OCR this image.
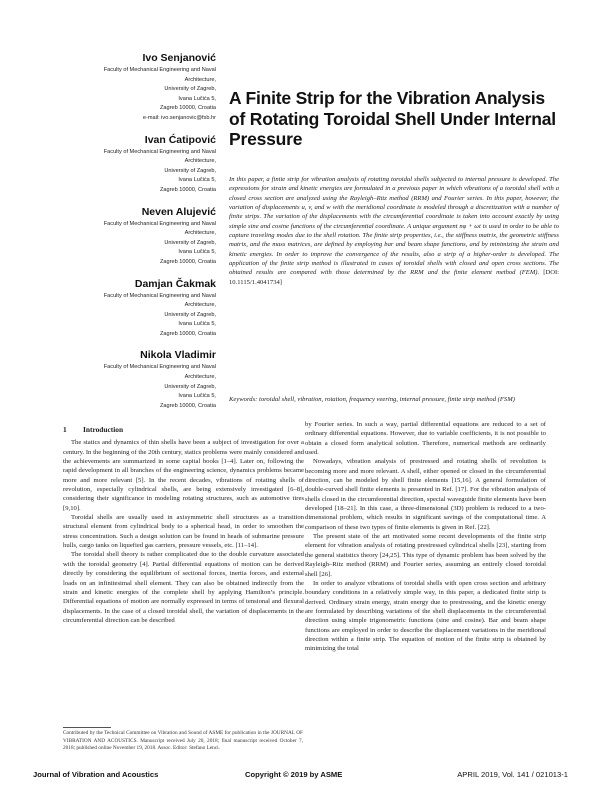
Ivo Senjanović
Faculty of Mechanical Engineering and Naval
Architecture,
University of Zagreb,
Ivana Lučića 5,
Zagreb 10000, Croatia
e-mail: ivo.senjanovic@fsb.hr
Ivan Ćatipović
Faculty of Mechanical Engineering and Naval
Architecture,
University of Zagreb,
Ivana Lučića 5,
Zagreb 10000, Croatia
Neven Alujević
Faculty of Mechanical Engineering and Naval
Architecture,
University of Zagreb,
Ivana Lučića 5,
Zagreb 10000, Croatia
Damjan Čakmak
Faculty of Mechanical Engineering and Naval
Architecture,
University of Zagreb,
Ivana Lučića 5,
Zagreb 10000, Croatia
Nikola Vladimir
Faculty of Mechanical Engineering and Naval
Architecture,
University of Zagreb,
Ivana Lučića 5,
Zagreb 10000, Croatia
A Finite Strip for the Vibration Analysis of Rotating Toroidal Shell Under Internal Pressure

In this paper, a finite strip for vibration analysis of rotating toroidal shells subjected to internal pressure is developed. The expressions for strain and kinetic energies are formulated in a previous paper in which vibrations of a toroidal shell with a closed cross section are analyzed using the Rayleigh–Ritz method (RRM) and Fourier series. In this paper, however, the variation of displacements u, v, and w with the meridional coordinate is modeled through a discretization with a number of finite strips. The variation of the displacements with the circumferential coordinate is taken into account exactly by using simple sine and cosine functions of the circumferential coordinate. A unique argument nφ + ωt is used in order to be able to capture traveling modes due to the shell rotation. The finite strip properties, i.e., the stiffness matrix, the geometric stiffness matrix, and the mass matrices, are defined by employing bar and beam shape functions, and by minimizing the strain and kinetic energies. In order to improve the convergence of the results, also a strip of a higher-order is developed. The application of the finite strip method is illustrated in cases of toroidal shells with closed and open cross sections. The obtained results are compared with those determined by the RRM and the finite element method (FEM). [DOI: 10.1115/1.4041734]

Keywords: toroidal shell, vibration, rotation, frequency veering, internal pressure, finite strip method (FSM)

1 Introduction

The statics and dynamics of thin shells have been a subject of investigation for over a century. In the beginning of the 20th century, statics problems were mainly considered and the achievements are summarized in some capital books [1–4]. Later on, following the rapid development in all branches of the engineering science, dynamics problems became more and more relevant [5]. In the recent decades, vibrations of rotating shells of revolution, especially cylindrical shells, are being extensively investigated [6–8], considering their significance in modeling rotating structures, such as automotive tires [9,10].

Toroidal shells are usually used in axisymmetric shell structures as a transition structural element from cylindrical body to a spherical head, in order to smoothen the stress concentration. Such a design solution can be found in heads of submarine pressure hulls, cargo tanks on liquefied gas carriers, pressure vessels, etc. [11–14].

The toroidal shell theory is rather complicated due to the double curvature associated with the toroidal geometry [4]. Partial differential equations of motion can be derived directly by considering the equilibrium of sectional forces, inertia forces, and external loads on an infinitesimal shell element. They can also be obtained indirectly from the strain and kinetic energies of the complete shell by applying Hamilton’s principle. Differential equations of motion are normally expressed in terms of tensional and flexural displacements. In the case of a closed toroidal shell, the variation of displacements in the circumferential direction can be described

by Fourier series. In such a way, partial differential equations are reduced to a set of ordinary differential equations. However, due to variable coefficients, it is not possible to obtain a closed form analytical solution. Therefore, numerical methods are ordinarily used.

Nowadays, vibration analysis of prestressed and rotating shells of revolution is becoming more and more relevant. A shell, either opened or closed in the circumferential direction, can be modeled by shell finite elements [15,16]. A general formulation of double-curved shell finite elements is presented in Ref. [17]. For the vibration analysis of shells closed in the circumferential direction, special waveguide finite elements have been developed [18–21]. In this case, a three-dimensional (3D) problem is reduced to a two-dimensional problem, which results in significant savings of the computational time. A comparison of these two types of finite elements is given in Ref. [22].

The present state of the art motivated some recent developments of the finite strip element for vibration analysis of rotating prestressed cylindrical shells [23], starting from the general statistics theory [24,25]. This type of dynamic problem has been solved by the Rayleigh–Ritz method (RRM) and Fourier series, assuming an entirely closed toroidal shell [26].

In order to analyze vibrations of toroidal shells with open cross section and arbitrary boundary conditions in a relatively simple way, in this paper, a dedicated finite strip is derived. Ordinary strain energy, strain energy due to prestressing, and the kinetic energy are formulated by describing variations of the shell displacements in the circumferential direction using simple trigonometric functions (sine and cosine). Bar and beam shape functions are employed in order to describe the displacement variations in the meridional direction within a finite strip. The equation of motion of the finite strip is obtained by minimizing the total

Contributed by the Technical Committee on Vibration and Sound of ASME for publication in the JOURNAL OF VIBRATION AND ACOUSTICS. Manuscript received July 20, 2018; final manuscript received October 7, 2018; published online November 19, 2018. Assoc. Editor: Stefano Lenci.
Journal of Vibration and Acoustics	Copyright © 2019 by ASME	APRIL 2019, Vol. 141 / 021013-1
